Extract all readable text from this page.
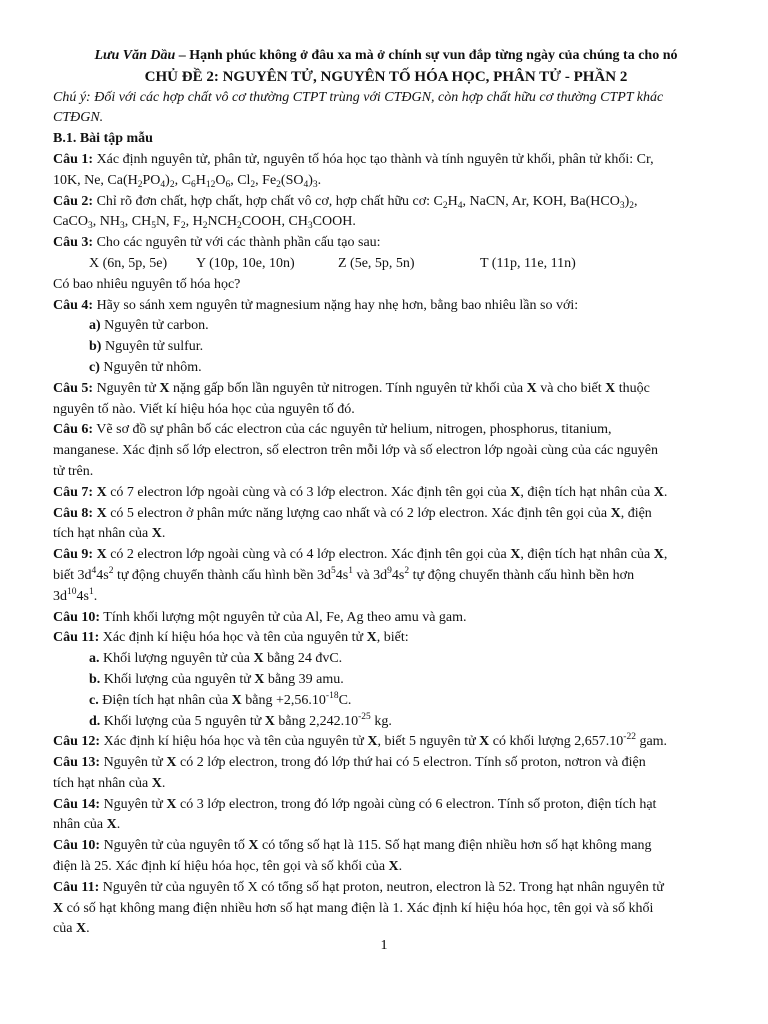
Lưu Văn Dầu – Hạnh phúc không ở đâu xa mà ở chính sự vun đắp từng ngày của chúng ta cho nó
CHỦ ĐỀ 2: NGUYÊN TỬ, NGUYÊN TỐ HÓA HỌC, PHÂN TỬ - PHẦN 2
Chú ý: Đối với các hợp chất vô cơ thường CTPT trùng với CTĐGN, còn hợp chất hữu cơ thường CTPT khác
CTĐGN.
B.1. Bài tập mẫu
Câu 1: Xác định nguyên tử, phân tử, nguyên tố hóa học tạo thành và tính nguyên tử khối, phân tử khối: Cr,
10K, Ne, $Ca(H_2PO_4)_2$, $C_6H_{12}O_6$, $Cl_2$, $Fe_2(SO_4)_3$.
Câu 2: Chỉ rõ đơn chất, hợp chất, hợp chất vô cơ, hợp chất hữu cơ: $C_2H_4$, NaCN, Ar, KOH, $Ba(HCO_3)_2$,
CaCO$_3$, $NH_3$, $CH_5N$, $F_2$, $H_2NCH_2COOH$, $CH_3COOH$.
Câu 3: Cho các nguyên tử với các thành phần cấu tạo sau:
X (6n, 5p, 5e) Y (10p, 10e, 10n)	Z (5e, 5p, 5n)	T (11p, 11e, 11n)
Có bao nhiêu nguyên tố hóa học?
Câu 4: Hãy so sánh xem nguyên tử magnesium nặng hay nhẹ hơn, bằng bao nhiêu lần so với:
a) Nguyên tử carbon.
b) Nguyên tử sulfur.
c) Nguyên tử nhôm.
Câu 5: Nguyên tử X nặng gấp bốn lần nguyên tử nitrogen. Tính nguyên tử khối của X và cho biết X thuộc
nguyên tố nào. Viết kí hiệu hóa học của nguyên tố đó.
Câu 6: Vẽ sơ đồ sự phân bố các electron của các nguyên tử helium, nitrogen, phosphorus, titanium,
manganese. Xác định số lớp electron, số electron trên mỗi lớp và số electron lớp ngoài cùng của các nguyên
tử trên.
Câu 7: X có 7 electron lớp ngoài cùng và có 3 lớp electron. Xác định tên gọi của X, điện tích hạt nhân của X.
Câu 8: X có 5 electron ở phân mức năng lượng cao nhất và có 2 lớp electron. Xác định tên gọi của X, điện
tích hạt nhân của X.
Câu 9: X có 2 electron lớp ngoài cùng và có 4 lớp electron. Xác định tên gọi của X, điện tích hạt nhân của X,
biết $3d^44s^2$ tự động chuyển thành cấu hình bền $3d^54s^1$ và $3d^94s^2$ tự động chuyển thành cấu hình bền hơn
$3d^{10}4s^1$.
Câu 10: Tính khối lượng một nguyên tử của Al, Fe, Ag theo amu và gam.
Câu 11: Xác định kí hiệu hóa học và tên của nguyên tử X, biết:
a. Khối lượng nguyên tử của X bằng 24 đvC.
b. Khối lượng của nguyên tử X bằng 39 amu.
c. Điện tích hạt nhân của X bằng $+2,56.10^{-18}C$.
d. Khối lượng của 5 nguyên tử X bằng $2,242.10^{-25}$ kg.
Câu 12: Xác định kí hiệu hóa học và tên của nguyên tử X, biết 5 nguyên tử X có khối lượng $2,657.10^{-22}$ gam.
Câu 13: Nguyên tử X có 2 lớp electron, trong đó lớp thứ hai có 5 electron. Tính số proton, nơtron và điện
tích hạt nhân của X.
Câu 14: Nguyên tử X có 3 lớp electron, trong đó lớp ngoài cùng có 6 electron. Tính số proton, điện tích hạt
nhân của X.
Câu 10: Nguyên tử của nguyên tố X có tổng số hạt là 115. Số hạt mang điện nhiều hơn số hạt không mang
điện là 25. Xác định kí hiệu hóa học, tên gọi và số khối của X.
Câu 11: Nguyên tử của nguyên tố X có tổng số hạt proton, neutron, electron là 52. Trong hạt nhân nguyên tử
X có số hạt không mang điện nhiều hơn số hạt mang điện là 1. Xác định kí hiệu hóa học, tên gọi và số khối
của X.
1
